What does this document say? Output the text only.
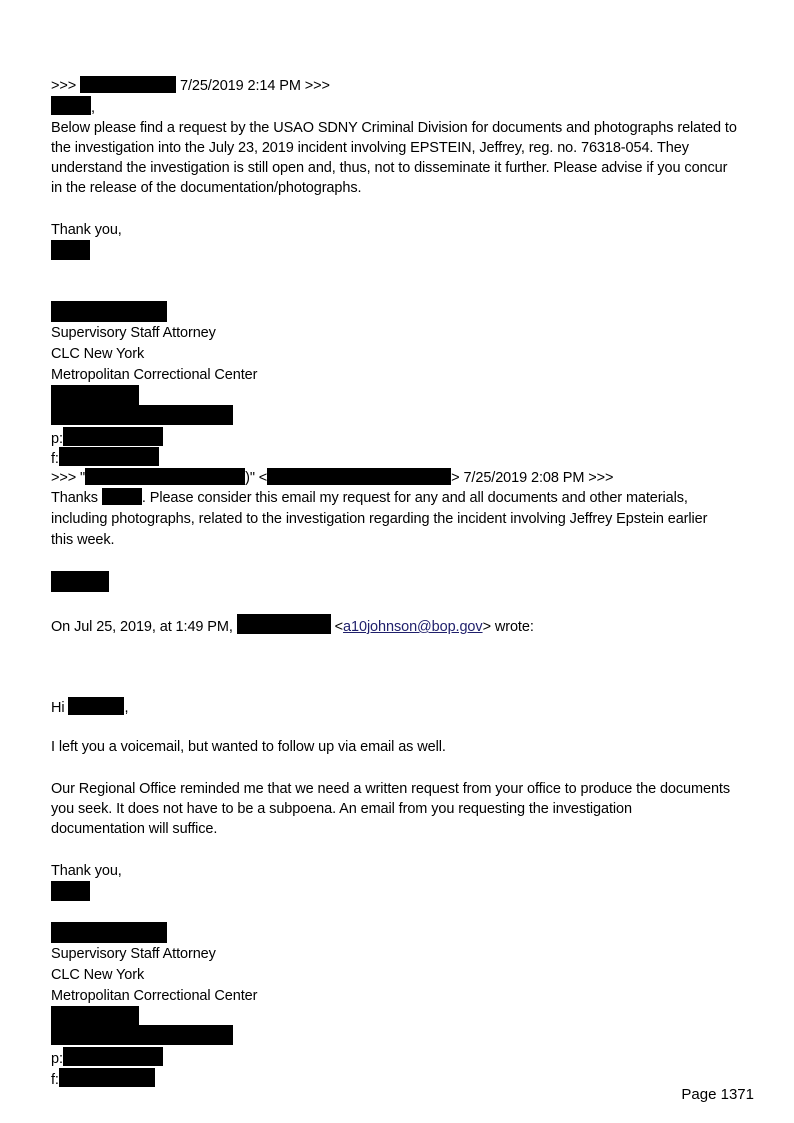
>>>	7/25/2019 2:14 PM >>>
,
Below please find a request by the USAO SDNY Criminal Division for documents and photographs related to
the investigation into the July 23, 2019 incident involving EPSTEIN, Jeffrey, reg. no. 76318-054. They
understand the investigation is still open and, thus, not to disseminate it further. Please advise if you concur
in the release of the documentation/photographs.
Thank you,
Supervisory Staff Attorney
CLC New York
Metropolitan Correctional Center
p:
f:
>>> "	)" <	> 7/25/2019 2:08 PM >>>
Thanks	. Please consider this email my request for any and all documents and other materials,
including photographs, related to the investigation regarding the incident involving Jeffrey Epstein earlier
this week.
On Jul 25, 2019, at 1:49 PM,	<a10johnson@bop.gov> wrote:
Hi	,
I left you a voicemail, but wanted to follow up via email as well.
Our Regional Office reminded me that we need a written request from your office to produce the documents
you seek. It does not have to be a subpoena. An email from you requesting the investigation
documentation will suffice.
Thank you,
Supervisory Staff Attorney
CLC New York
Metropolitan Correctional Center
p:
f:
Page 1371
